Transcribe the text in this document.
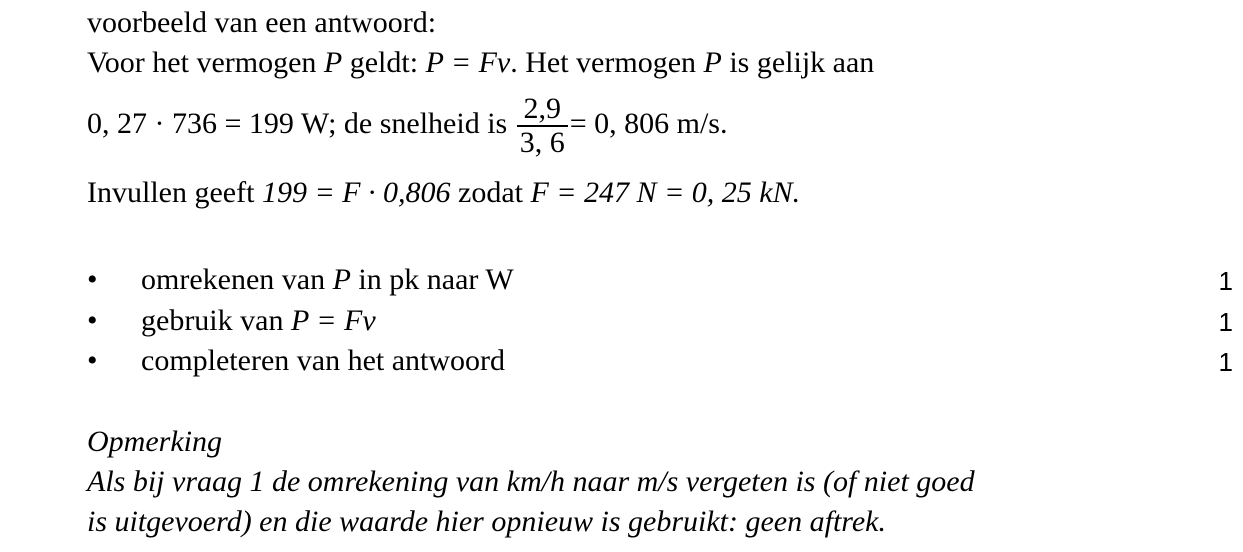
voorbeeld van een antwoord:
Voor het vermogen P geldt: P = Fv. Het vermogen P is gelijk aan
0, 27 · 736 = 199 W; de snelheid is $\frac{2,9}{3, 6} = 0$, 806 m/s.
Invullen geeft 199 = F · 0,806 zodat F = 247 N = 0, 25 kN.
• omrekenen van P in pk naar W	1
• gebruik van P = Fv	1
• completeren van het antwoord	1
Opmerking
Als bij vraag 1 de omrekening van km/h naar m/s vergeten is (of niet goed
is uitgevoerd) en die waarde hier opnieuw is gebruikt: geen aftrek.
